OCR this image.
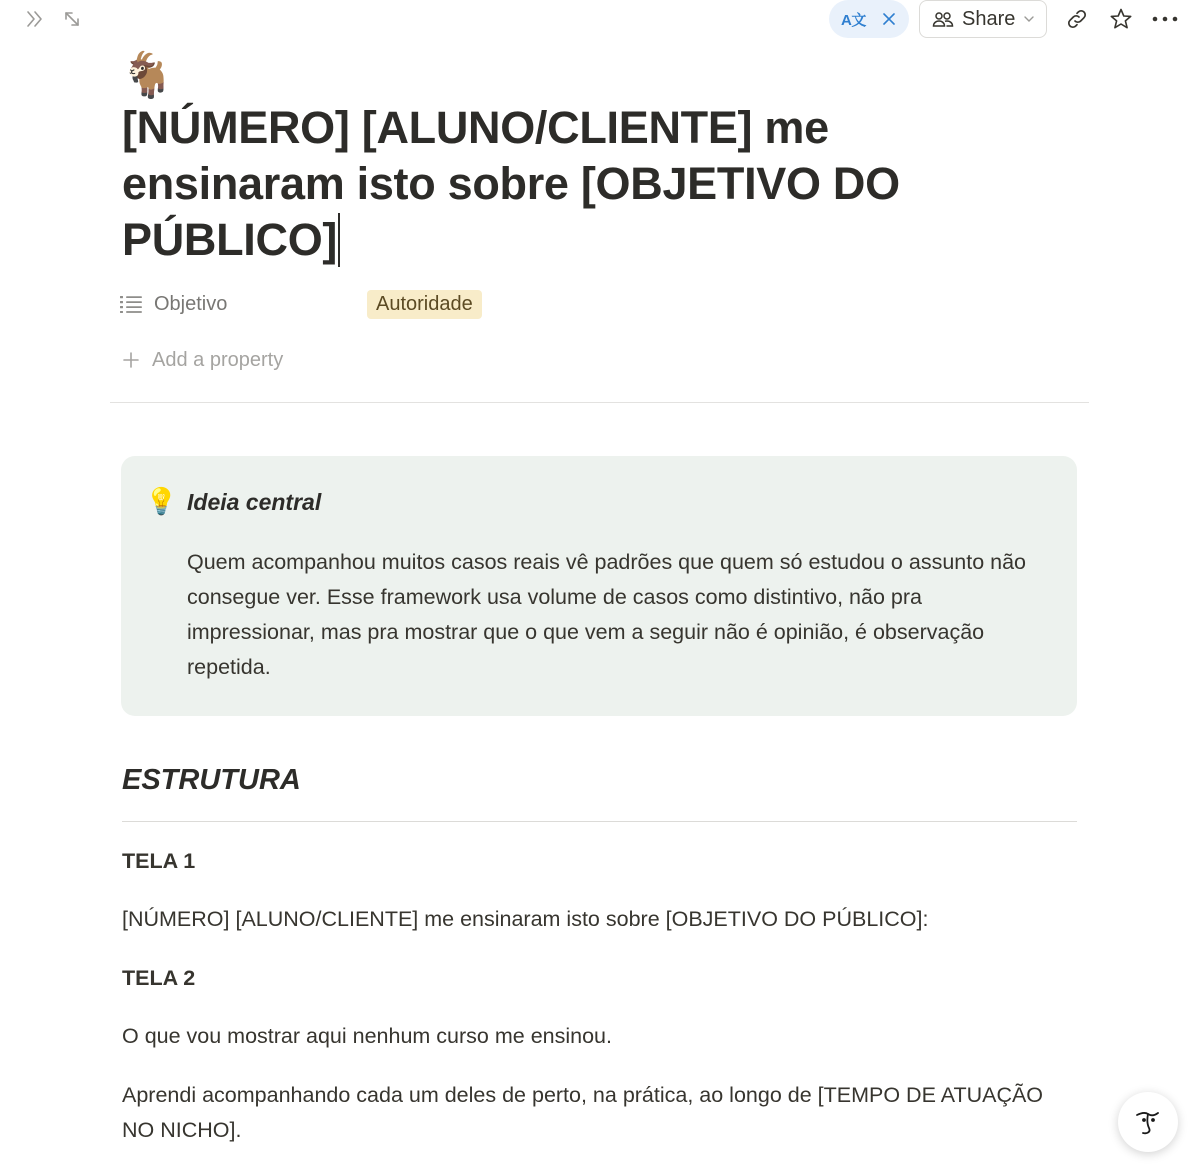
A文	Share
🐐
[NÚMERO] [ALUNO/CLIENTE] me ensinaram isto sobre [OBJETIVO DO PÚBLICO]
Objetivo	Autoridade
Add a property
💡 Ideia central

Quem acompanhou muitos casos reais vê padrões que quem só estudou o assunto não consegue ver. Esse framework usa volume de casos como distintivo, não pra impressionar, mas pra mostrar que o que vem a seguir não é opinião, é observação repetida.

ESTRUTURA

TELA 1

[NÚMERO] [ALUNO/CLIENTE] me ensinaram isto sobre [OBJETIVO DO PÚBLICO]:

TELA 2

O que vou mostrar aqui nenhum curso me ensinou.

Aprendi acompanhando cada um deles de perto, na prática, ao longo de [TEMPO DE ATUAÇÃO NO NICHO].
